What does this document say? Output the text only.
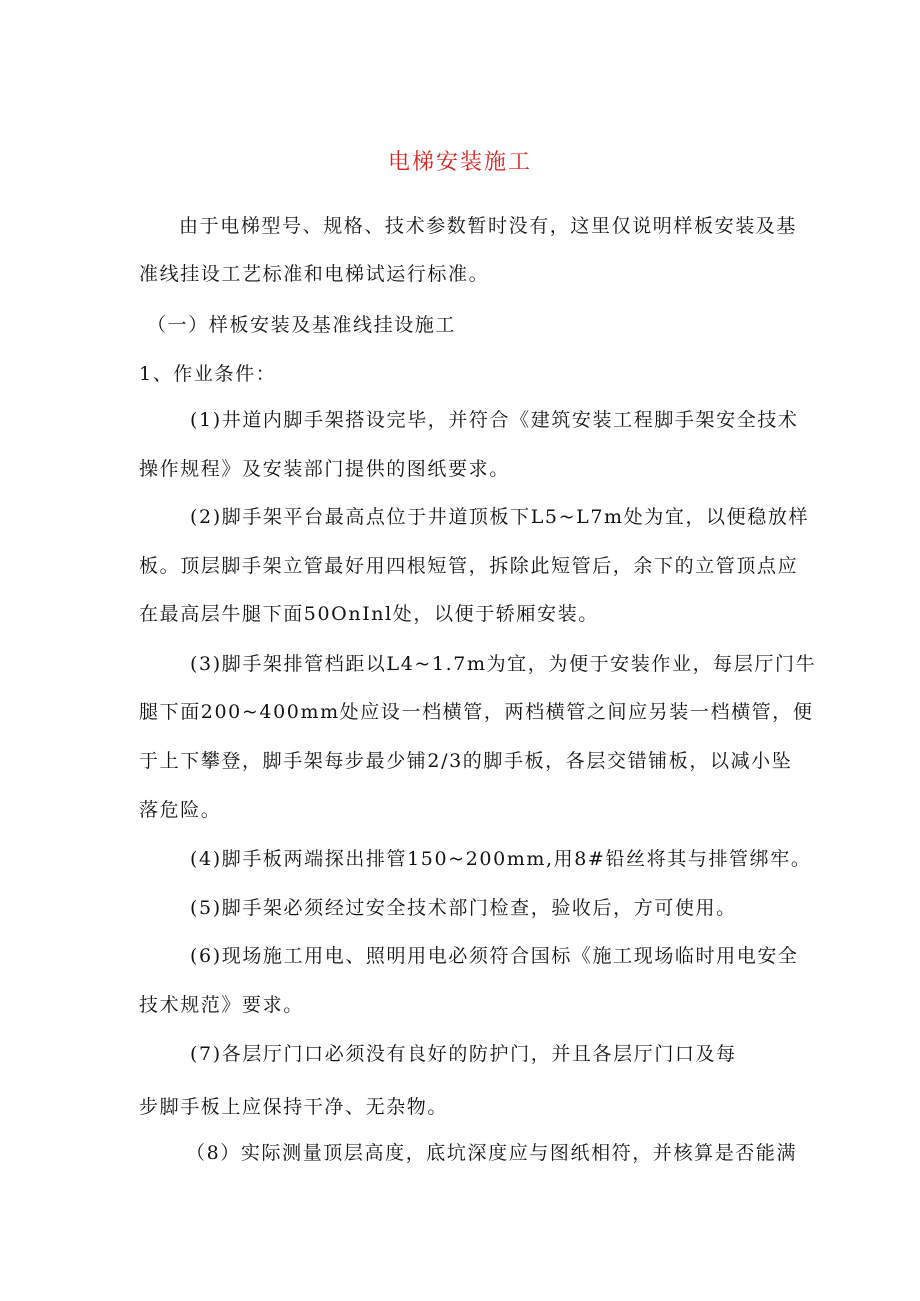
电梯安装施工
由于电梯型号、规格、技术参数暂时没有，这里仅说明样板安装及基
准线挂设工艺标准和电梯试运行标准。
（一）样板安装及基准线挂设施工
1、作业条件：
(1)井道内脚手架搭设完毕，并符合《建筑安装工程脚手架安全技术
操作规程》及安装部门提供的图纸要求。
(2)脚手架平台最高点位于井道顶板下L5~L7m处为宜，以便稳放样
板。顶层脚手架立管最好用四根短管，拆除此短管后，余下的立管顶点应
在最高层牛腿下面50OnInl处，以便于轿厢安装。
(3)脚手架排管档距以L4~1.7m为宜，为便于安装作业，每层厅门牛
腿下面200~400mm处应设一档横管，两档横管之间应另装一档横管，便
于上下攀登，脚手架每步最少铺2/3的脚手板，各层交错铺板，以减小坠
落危险。
(4)脚手板两端探出排管150~200mm,用8#铅丝将其与排管绑牢。
(5)脚手架必须经过安全技术部门检查，验收后，方可使用。
(6)现场施工用电、照明用电必须符合国标《施工现场临时用电安全
技术规范》要求。
(7)各层厅门口必须没有良好的防护门，并且各层厅门口及每
步脚手板上应保持干净、无杂物。
（8）实际测量顶层高度，底坑深度应与图纸相符，并核算是否能满
